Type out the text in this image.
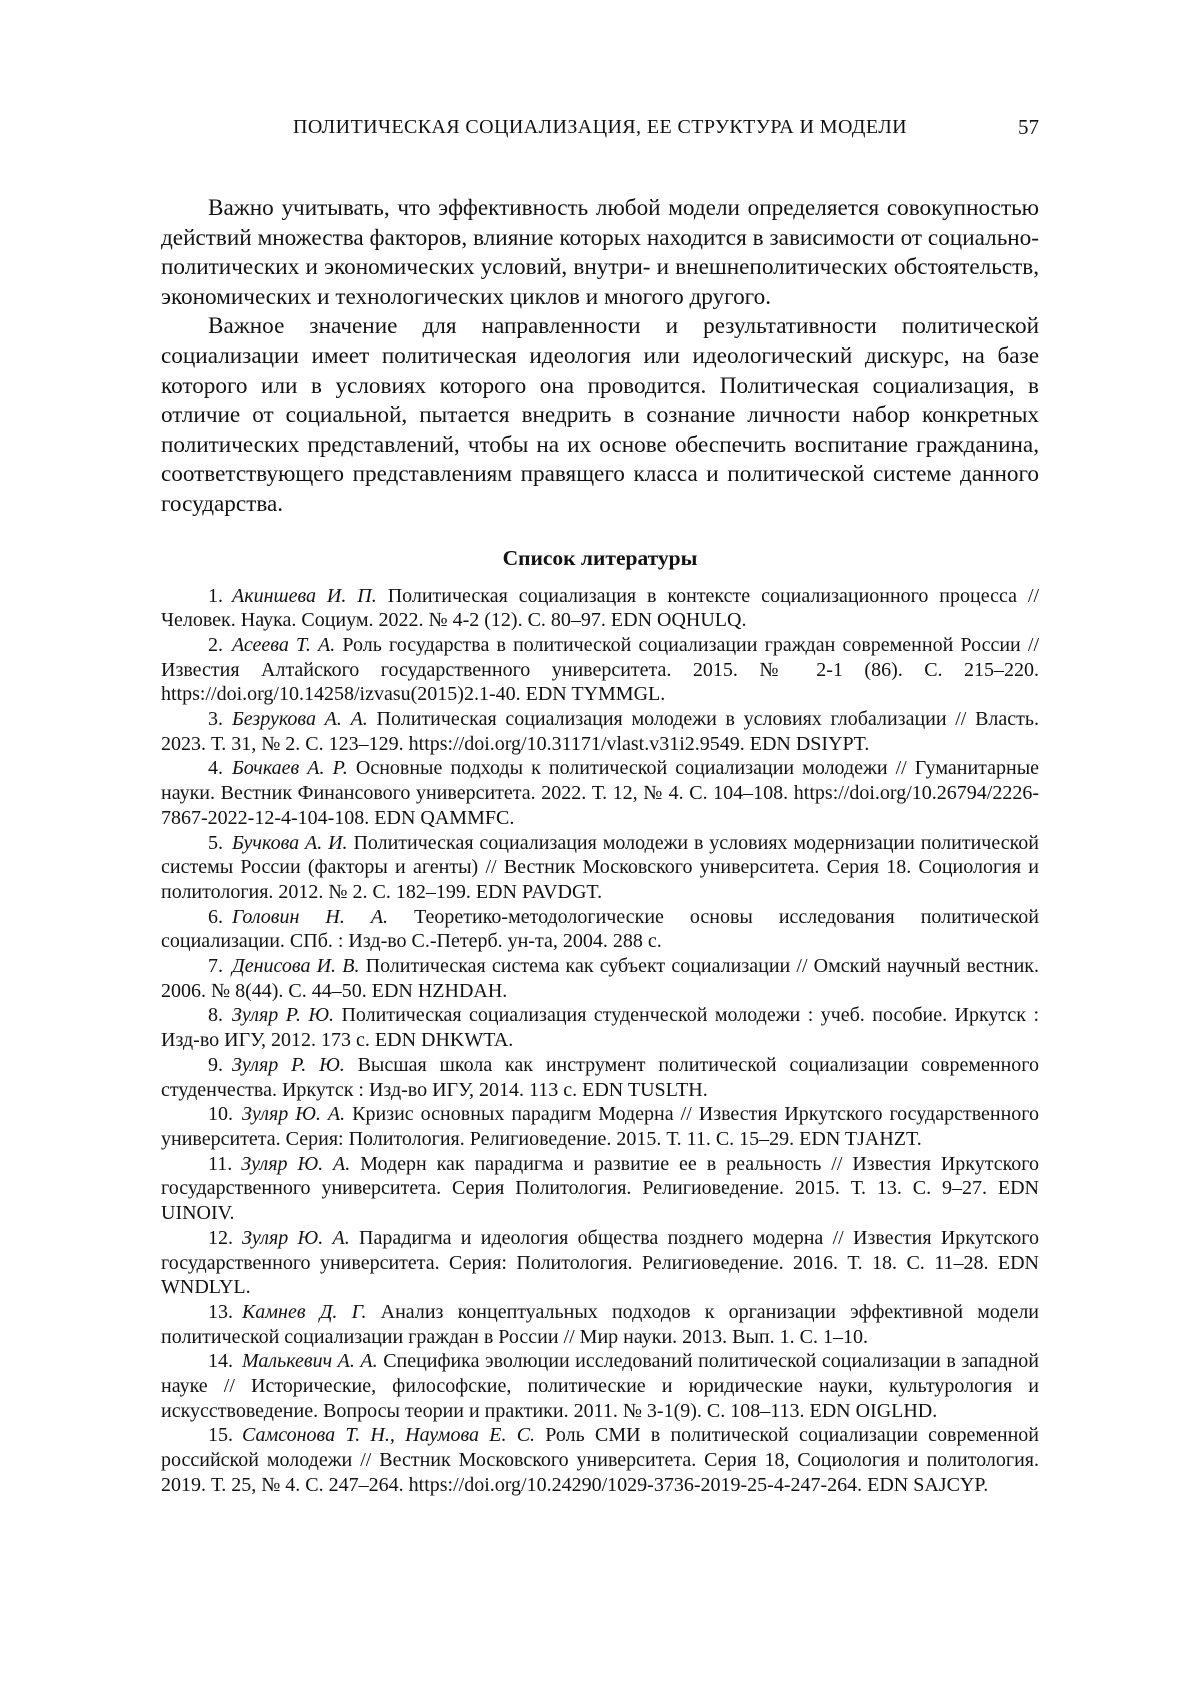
ПОЛИТИЧЕСКАЯ СОЦИАЛИЗАЦИЯ, ЕЕ СТРУКТУРА И МОДЕЛИ	57

Важно учитывать, что эффективность любой модели определяется совокупностью действий множества факторов, влияние которых находится в зависимости от социально-политических и экономических условий, внутри- и внешнеполитических обстоятельств, экономических и технологических циклов и многого другого.

Важное значение для направленности и результативности политической социализации имеет политическая идеология или идеологический дискурс, на базе которого или в условиях которого она проводится. Политическая социализация, в отличие от социальной, пытается внедрить в сознание личности набор конкретных политических представлений, чтобы на их основе обеспечить воспитание гражданина, соответствующего представлениям правящего класса и политической системе данного государства.

Список литературы
1. Акиншева И. П. Политическая социализация в контексте социализационного процесса // Человек. Наука. Социум. 2022. № 4-2 (12). С. 80–97. EDN OQHULQ.
2. Асеева Т. А. Роль государства в политической социализации граждан современной России // Известия Алтайского государственного университета. 2015. № 2-1 (86). С. 215–220. https://doi.org/10.14258/izvasu(2015)2.1-40. EDN TYMMGL.
3. Безрукова А. А. Политическая социализация молодежи в условиях глобализации // Власть. 2023. Т. 31, № 2. С. 123–129. https://doi.org/10.31171/vlast.v31i2.9549. EDN DSIYPT.
4. Бочкаев А. Р. Основные подходы к политической социализации молодежи // Гуманитарные науки. Вестник Финансового университета. 2022. Т. 12, № 4. С. 104–108. https://doi.org/10.26794/2226-7867-2022-12-4-104-108. EDN QAMMFC.
5. Бучкова А. И. Политическая социализация молодежи в условиях модернизации политической системы России (факторы и агенты) // Вестник Московского университета. Серия 18. Социология и политология. 2012. № 2. С. 182–199. EDN PAVDGT.
6. Головин Н. А. Теоретико-методологические основы исследования политической социализации. СПб. : Изд-во С.-Петерб. ун-та, 2004. 288 с.
7. Денисова И. В. Политическая система как субъект социализации // Омский научный вестник. 2006. № 8(44). С. 44–50. EDN HZHDAH.
8. Зуляр Р. Ю. Политическая социализация студенческой молодежи : учеб. пособие. Иркутск : Изд-во ИГУ, 2012. 173 с. EDN DHKWTA.
9. Зуляр Р. Ю. Высшая школа как инструмент политической социализации современного студенчества. Иркутск : Изд-во ИГУ, 2014. 113 с. EDN TUSLTH.
10. Зуляр Ю. А. Кризис основных парадигм Модерна // Известия Иркутского государственного университета. Серия: Политология. Религиоведение. 2015. Т. 11. С. 15–29. EDN TJAHZT.
11. Зуляр Ю. А. Модерн как парадигма и развитие ее в реальность // Известия Иркутского государственного университета. Серия Политология. Религиоведение. 2015. Т. 13. С. 9–27. EDN UINOIV.
12. Зуляр Ю. А. Парадигма и идеология общества позднего модерна // Известия Иркутского государственного университета. Серия: Политология. Религиоведение. 2016. Т. 18. С. 11–28. EDN WNDLYL.
13. Камнев Д. Г. Анализ концептуальных подходов к организации эффективной модели политической социализации граждан в России // Мир науки. 2013. Вып. 1. С. 1–10.
14. Малькевич А. А. Специфика эволюции исследований политической социализации в западной науке // Исторические, философские, политические и юридические науки, культурология и искусствоведение. Вопросы теории и практики. 2011. № 3-1(9). С. 108–113. EDN OIGLHD.
15. Самсонова Т. Н., Наумова Е. С. Роль СМИ в политической социализации современной российской молодежи // Вестник Московского университета. Серия 18, Социология и политология. 2019. Т. 25, № 4. С. 247–264. https://doi.org/10.24290/1029-3736-2019-25-4-247-264. EDN SAJCYP.
